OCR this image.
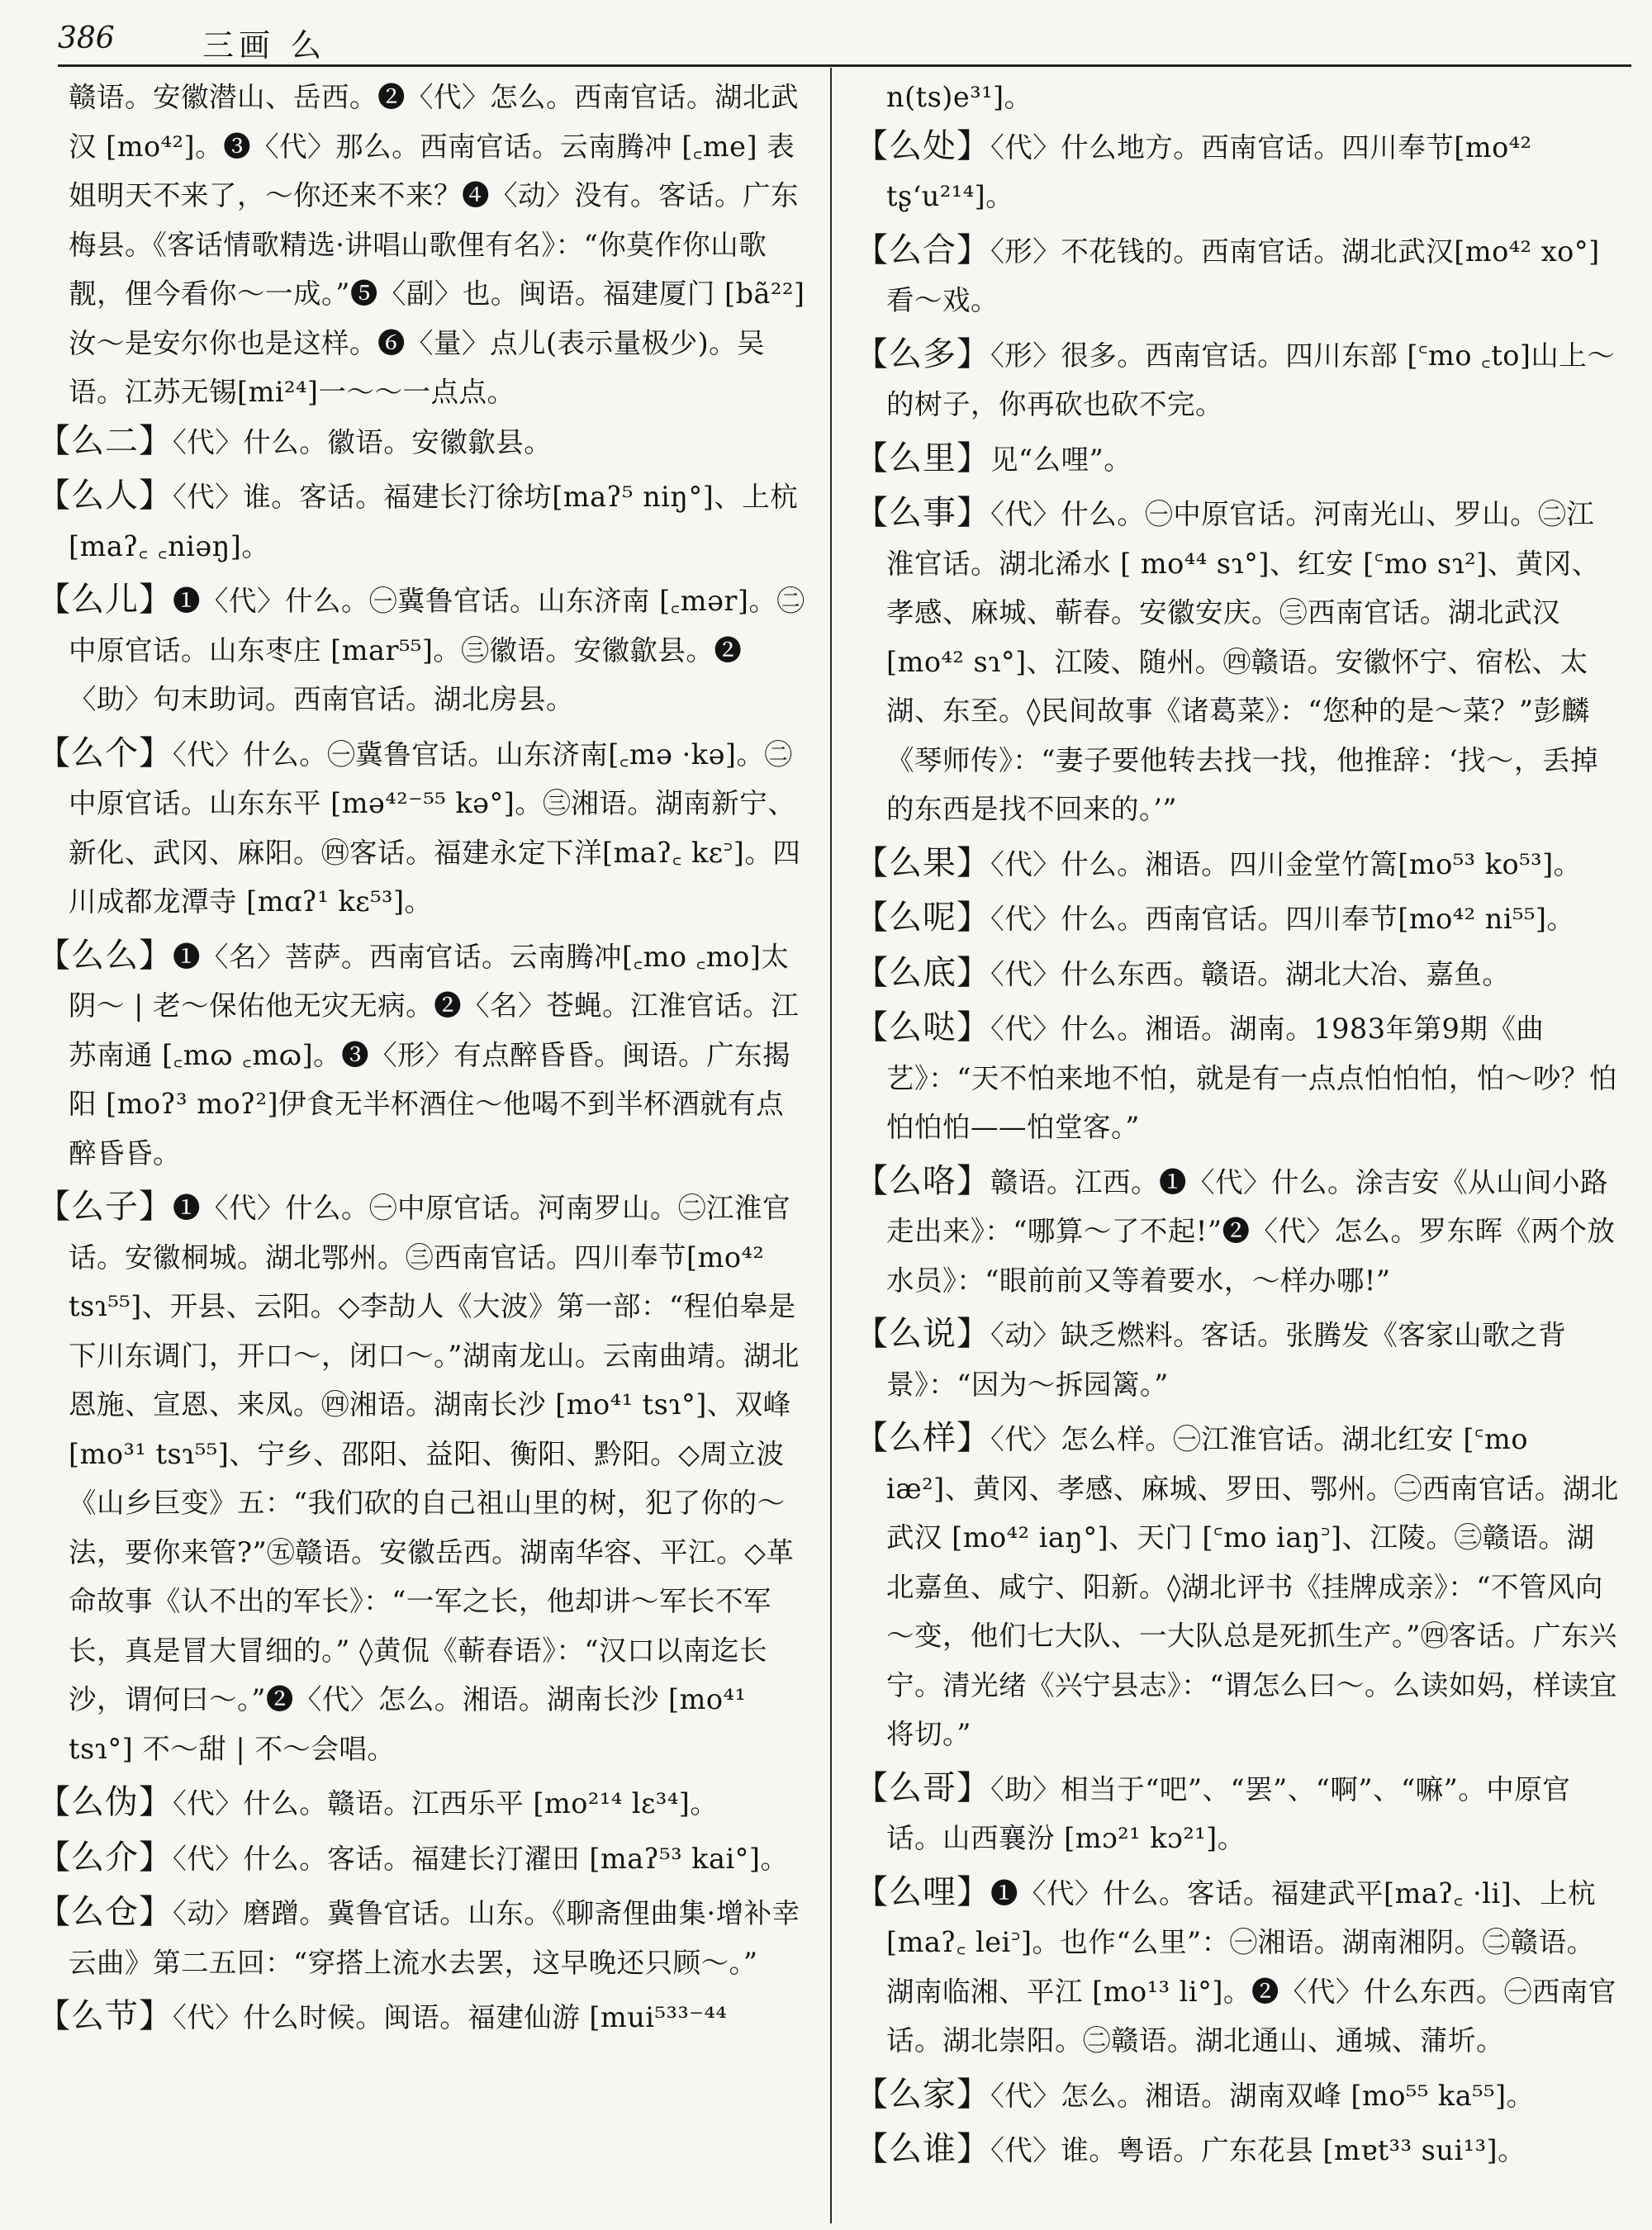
386	三画 么

赣语。安徽潜山、岳西。❷〈代〉怎么。西南官话。湖北武汉 [mo⁴²]。❸〈代〉那么。西南官话。云南腾冲 [꜀me] 表姐明天不来了，～你还来不来？❹〈动〉没有。客话。广东梅县。《客话情歌精选·讲唱山歌俚有名》：“你莫作你山歌靓，俚今看你～一成。”❺〈副〉也。闽语。福建厦门 [bã²²] 汝～是安尔你也是这样。❻〈量〉点儿(表示量极少)。吴语。江苏无锡[mi²⁴]一～～一点点。

【么二】〈代〉什么。徽语。安徽歙县。

【么人】〈代〉谁。客话。福建长汀徐坊[maʔ⁵ niŋ°]、上杭 [maʔ꜀ ꜀niəŋ]。

【么儿】❶〈代〉什么。㊀冀鲁官话。山东济南 [꜀mər]。㊁中原官话。山东枣庄 [mar⁵⁵]。㊂徽语。安徽歙县。❷〈助〉句末助词。西南官话。湖北房县。

【么个】〈代〉什么。㊀冀鲁官话。山东济南[꜀mə ·kə]。㊁中原官话。山东东平 [mə⁴²⁻⁵⁵ kə°]。㊂湘语。湖南新宁、新化、武冈、麻阳。㊃客话。福建永定下洋[maʔ꜀ kɛ꜄]。四川成都龙潭寺 [mɑʔ¹ kɛ⁵³]。

【么么】❶〈名〉菩萨。西南官话。云南腾冲[꜀mo ꜀mo]太阴～ | 老～保佑他无灾无病。❷〈名〉苍蝇。江淮官话。江苏南通 [꜀mɷ ꜀mɷ]。❸〈形〉有点醉昏昏。闽语。广东揭阳 [moʔ³ moʔ²]伊食无半杯酒住～他喝不到半杯酒就有点醉昏昏。

【么子】❶〈代〉什么。㊀中原官话。河南罗山。㊁江淮官话。安徽桐城。湖北鄂州。㊂西南官话。四川奉节[mo⁴² tsɿ⁵⁵]、开县、云阳。◇李劼人《大波》第一部：“程伯皋是下川东调门，开口～，闭口～。”湖南龙山。云南曲靖。湖北恩施、宣恩、来凤。㊃湘语。湖南长沙 [mo⁴¹ tsɿ°]、双峰 [mo³¹ tsɿ⁵⁵]、宁乡、邵阳、益阳、衡阳、黔阳。◇周立波《山乡巨变》五：“我们砍的自己祖山里的树，犯了你的～法，要你来管?”㊄赣语。安徽岳西。湖南华容、平江。◇革命故事《认不出的军长》：“一军之长，他却讲～军长不军长，真是冒大冒细的。” ◊黄侃《蕲春语》：“汉口以南迄长沙，谓何曰～。”❷〈代〉怎么。湘语。湖南长沙 [mo⁴¹ tsɿ°] 不～甜 | 不～会唱。

【么伪】〈代〉什么。赣语。江西乐平 [mo²¹⁴ lɛ³⁴]。

【么介】〈代〉什么。客话。福建长汀濯田 [maʔ⁵³ kai°]。

【么仓】〈动〉磨蹭。冀鲁官话。山东。《聊斋俚曲集·增补幸云曲》第二五回：“穿搭上流水去罢，这早晚还只顾～。”

【么节】〈代〉什么时候。闽语。福建仙游 [mui⁵³³⁻⁴⁴

n(ts)e³¹]。

【么处】〈代〉什么地方。西南官话。四川奉节[mo⁴² tʂʻu²¹⁴]。

【么合】〈形〉不花钱的。西南官话。湖北武汉[mo⁴² xo°] 看～戏。

【么多】〈形〉很多。西南官话。四川东部 [꜂mo ꜀to]山上～的树子，你再砍也砍不完。

【么里】见“么哩”。

【么事】〈代〉什么。㊀中原官话。河南光山、罗山。㊁江淮官话。湖北浠水 [ mo⁴⁴ sɿ°]、红安 [꜂mo sɿ²]、黄冈、孝感、麻城、蕲春。安徽安庆。㊂西南官话。湖北武汉[mo⁴² sɿ°]、江陵、随州。㊃赣语。安徽怀宁、宿松、太湖、东至。◊民间故事《诸葛菜》：“您种的是～菜？”彭麟《琴师传》：“妻子要他转去找一找，他推辞：‘找～，丢掉的东西是找不回来的。’”

【么果】〈代〉什么。湘语。四川金堂竹篙[mo⁵³ ko⁵³]。

【么呢】〈代〉什么。西南官话。四川奉节[mo⁴² ni⁵⁵]。

【么底】〈代〉什么东西。赣语。湖北大冶、嘉鱼。

【么哒】〈代〉什么。湘语。湖南。1983年第9期《曲艺》：“天不怕来地不怕，就是有一点点怕怕怕，怕～吵？怕怕怕怕——怕堂客。”

【么咯】赣语。江西。❶〈代〉什么。涂吉安《从山间小路走出来》：“哪算～了不起!”❷〈代〉怎么。罗东晖《两个放水员》：“眼前前又等着要水，～样办哪!”

【么说】〈动〉缺乏燃料。客话。张腾发《客家山歌之背景》：“因为～拆园篱。”

【么样】〈代〉怎么样。㊀江淮官话。湖北红安 [꜂mo iæ²]、黄冈、孝感、麻城、罗田、鄂州。㊁西南官话。湖北武汉 [mo⁴² iaŋ°]、天门 [꜂mo iaŋ꜄]、江陵。㊂赣语。湖北嘉鱼、咸宁、阳新。◊湖北评书《挂牌成亲》：“不管风向～变，他们七大队、一大队总是死抓生产。”㊃客话。广东兴宁。清光绪《兴宁县志》：“谓怎么曰～。么读如妈，样读宜将切。”

【么哥】〈助〉相当于“吧”、“罢”、“啊”、“嘛”。中原官话。山西襄汾 [mɔ²¹ kɔ²¹]。

【么哩】❶〈代〉什么。客话。福建武平[maʔ꜀ ·li]、上杭[maʔ꜀ lei꜄]。也作“么里”：㊀湘语。湖南湘阴。㊁赣语。湖南临湘、平江 [mo¹³ li°]。❷〈代〉什么东西。㊀西南官话。湖北崇阳。㊁赣语。湖北通山、通城、蒲圻。

【么家】〈代〉怎么。湘语。湖南双峰 [mo⁵⁵ ka⁵⁵]。

【么谁】〈代〉谁。粤语。广东花县 [mɐt³³ sui¹³]。
